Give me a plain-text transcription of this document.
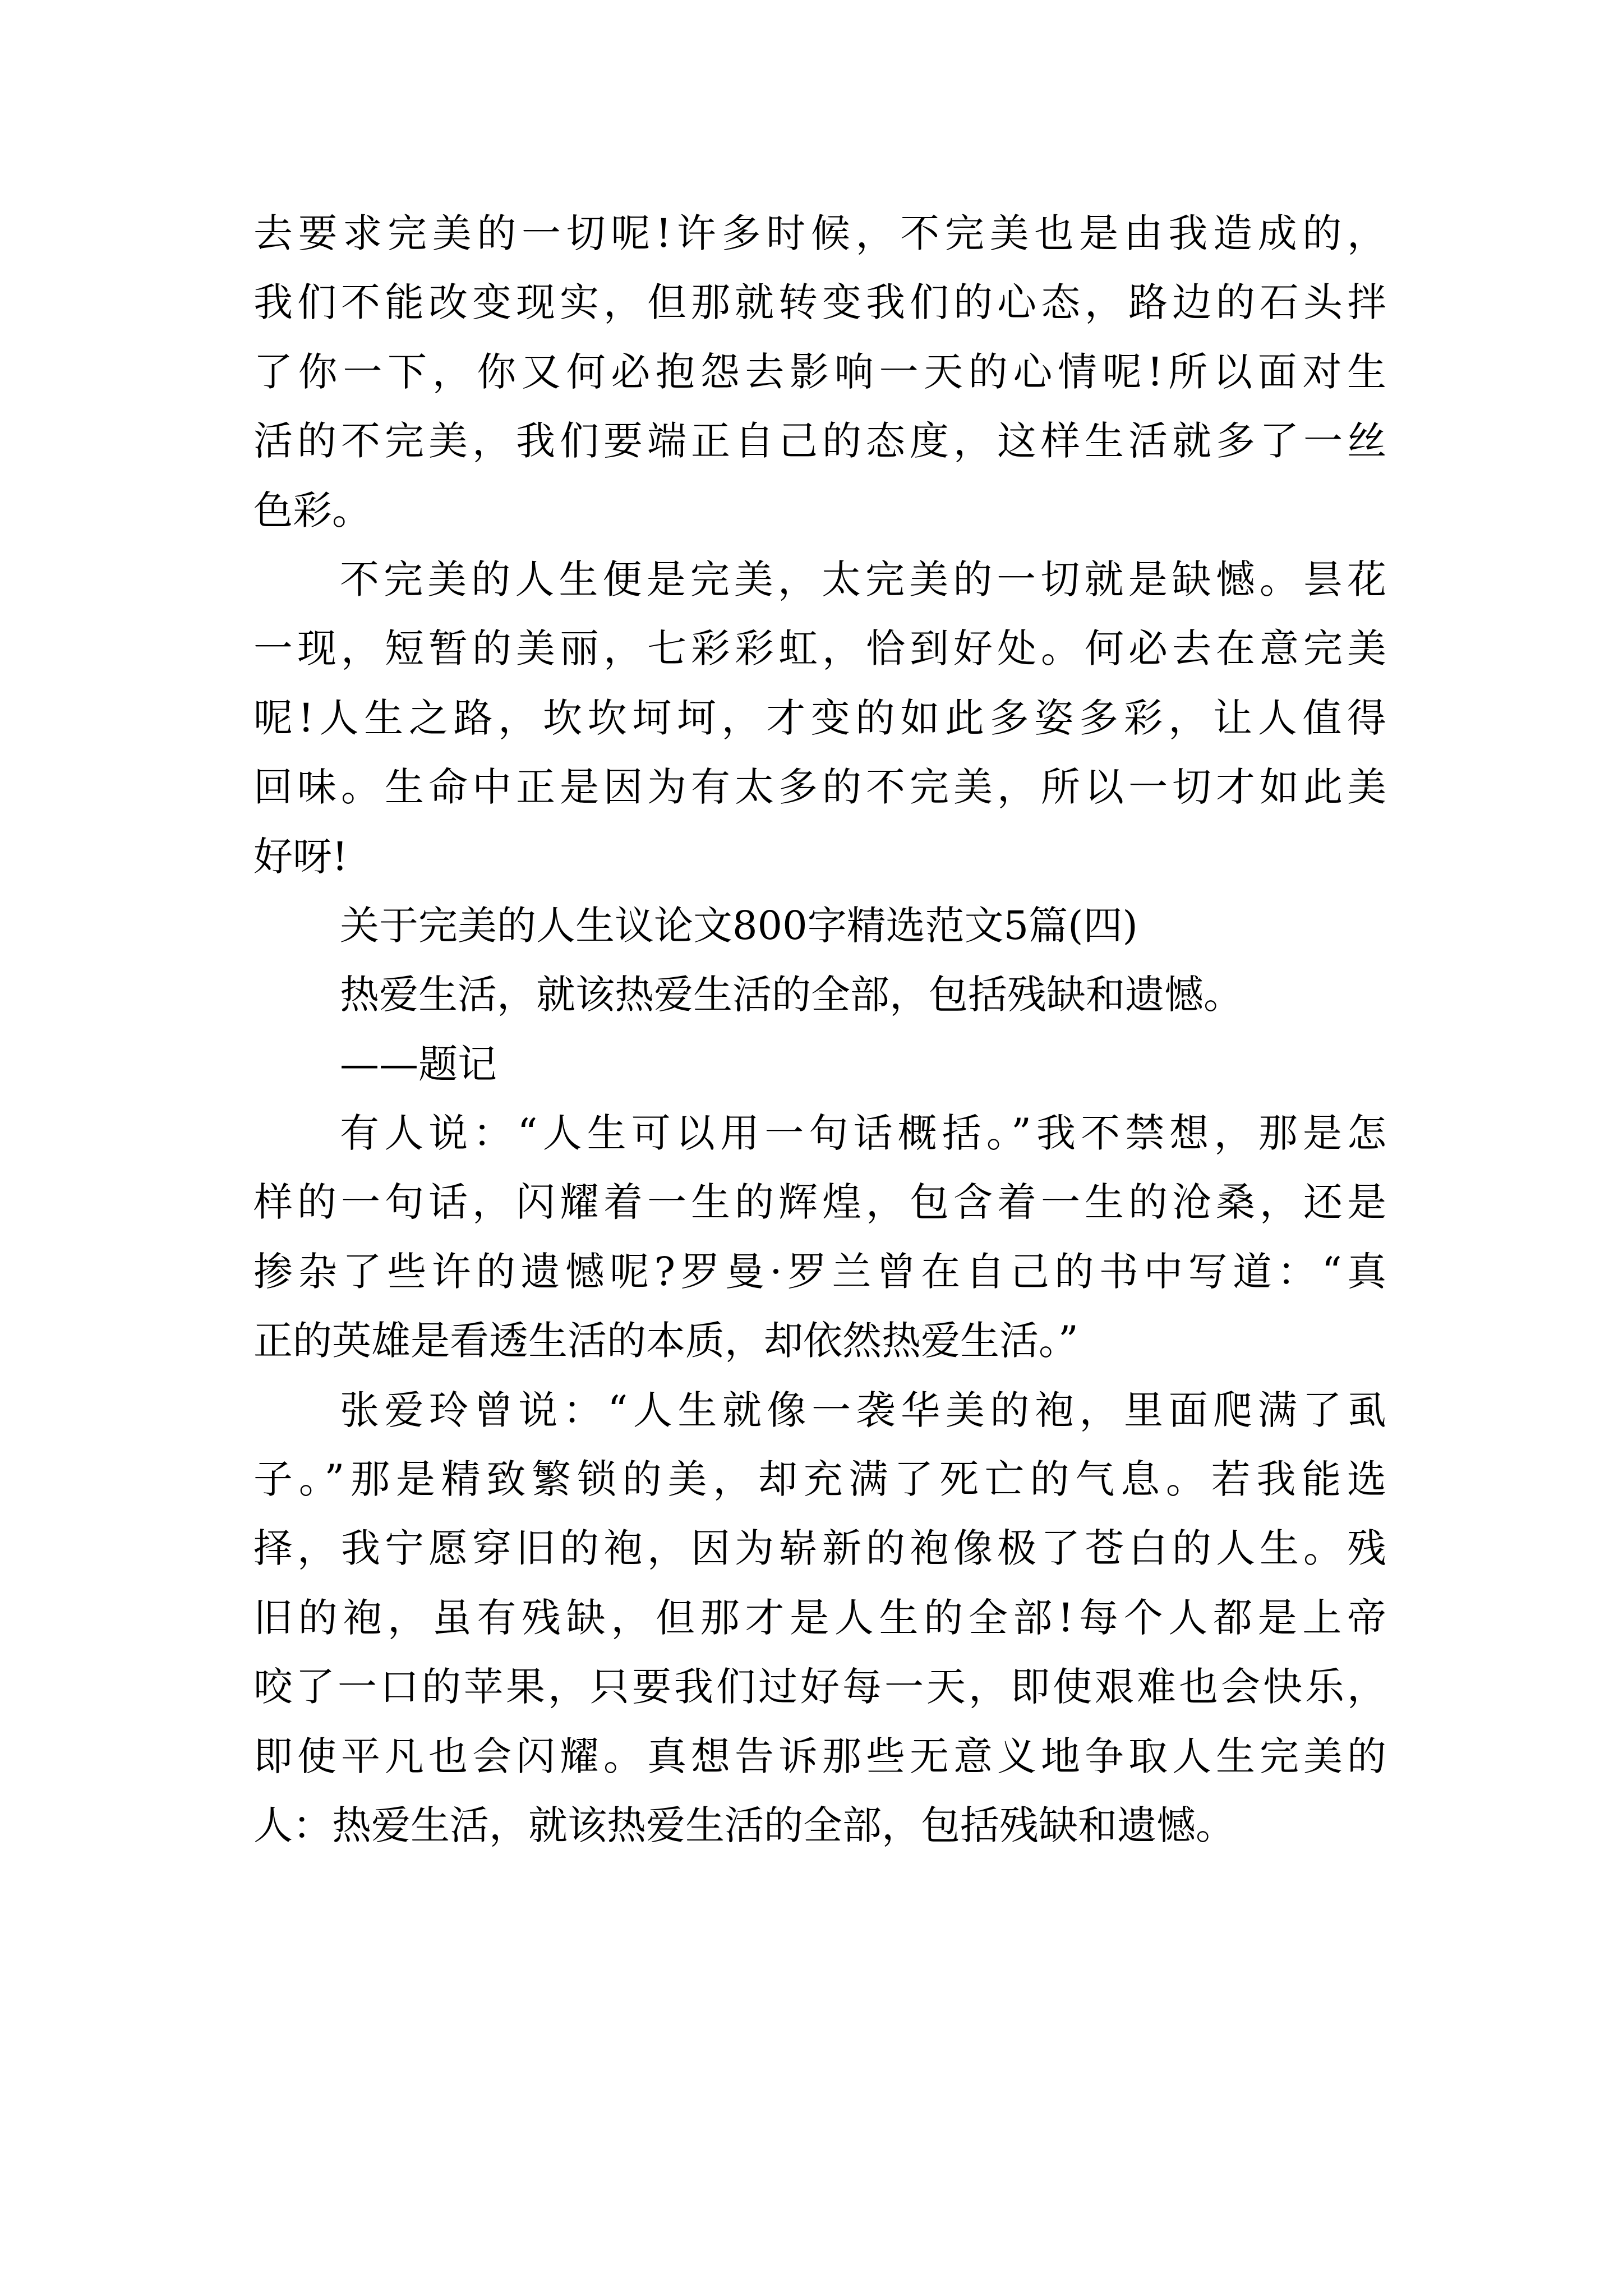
去要求完美的一切呢!许多时候，不完美也是由我造成的，
我们不能改变现实，但那就转变我们的心态，路边的石头拌
了你一下，你又何必抱怨去影响一天的心情呢!所以面对生
活的不完美，我们要端正自己的态度，这样生活就多了一丝
色彩。
不完美的人生便是完美，太完美的一切就是缺憾。昙花
一现，短暂的美丽，七彩彩虹，恰到好处。何必去在意完美
呢!人生之路，坎坎坷坷，才变的如此多姿多彩，让人值得
回味。生命中正是因为有太多的不完美，所以一切才如此美
好呀!
关于完美的人生议论文800字精选范文5篇(四)
热爱生活，就该热爱生活的全部，包括残缺和遗憾。
——题记
有人说：“人生可以用一句话概括。”我不禁想，那是怎
样的一句话，闪耀着一生的辉煌，包含着一生的沧桑，还是
掺杂了些许的遗憾呢?罗曼·罗兰曾在自己的书中写道：“真
正的英雄是看透生活的本质，却依然热爱生活。”
张爱玲曾说：“人生就像一袭华美的袍，里面爬满了虱
子。”那是精致繁锁的美，却充满了死亡的气息。若我能选
择，我宁愿穿旧的袍，因为崭新的袍像极了苍白的人生。残
旧的袍，虽有残缺，但那才是人生的全部!每个人都是上帝
咬了一口的苹果，只要我们过好每一天，即使艰难也会快乐，
即使平凡也会闪耀。真想告诉那些无意义地争取人生完美的
人：热爱生活，就该热爱生活的全部，包括残缺和遗憾。
